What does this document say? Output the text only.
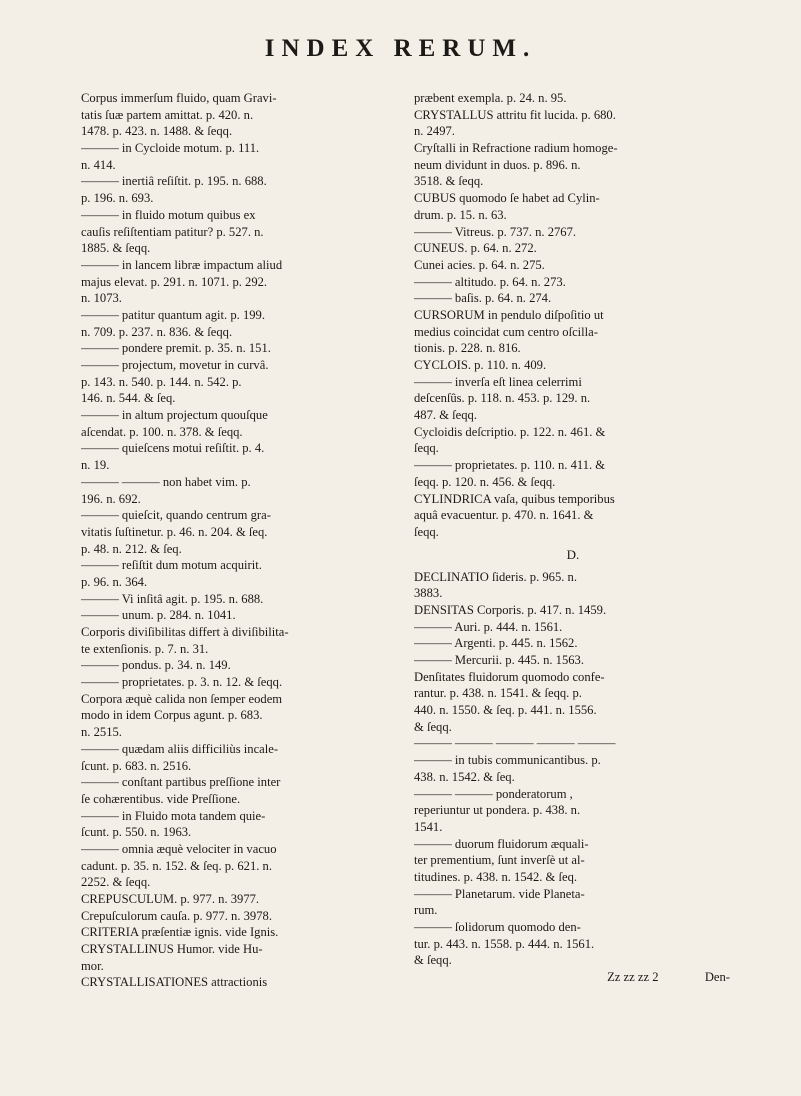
INDEX RERUM.
Corpus immerſum fluido, quam Gravi-
tatis ſuæ partem amittat. p. 420. n.
1478. p. 423. n. 1488. & ſeqq.
——— in Cycloide motum. p. 111.
n. 414.
——— inertiâ reſiſtit. p. 195. n. 688.
p. 196. n. 693.
——— in fluido motum quibus ex
cauſis reſiſtentiam patitur? p. 527. n.
1885. & ſeqq.
——— in lancem libræ impactum aliud
majus elevat. p. 291. n. 1071. p. 292.
n. 1073.
——— patitur quantum agit. p. 199.
n. 709. p. 237. n. 836. & ſeqq.
——— pondere premit. p. 35. n. 151.
——— projectum, movetur in curvâ.
p. 143. n. 540. p. 144. n. 542. p.
146. n. 544. & ſeq.
——— in altum projectum quouſque
aſcendat. p. 100. n. 378. & ſeqq.
——— quieſcens motui reſiſtit. p. 4.
n. 19.
——— ——— non habet vim. p.
196. n. 692.
——— quieſcit, quando centrum gra-
vitatis ſuſtinetur. p. 46. n. 204. & ſeq.
p. 48. n. 212. & ſeq.
——— reſiſtit dum motum acquirit.
p. 96. n. 364.
——— Vi inſitâ agit. p. 195. n. 688.
——— unum. p. 284. n. 1041.
Corporis diviſibilitas differt à diviſibilita-
te extenſionis. p. 7. n. 31.
——— pondus. p. 34. n. 149.
——— proprietates. p. 3. n. 12. & ſeqq.
Corpora æquè calida non ſemper eodem
modo in idem Corpus agunt. p. 683.
n. 2515.
——— quædam aliis difficiliùs incale-
ſcunt. p. 683. n. 2516.
——— conſtant partibus preſſione inter
ſe cohærentibus. vide Preſſione.
——— in Fluido mota tandem quie-
ſcunt. p. 550. n. 1963.
——— omnia æquè velociter in vacuo
cadunt. p. 35. n. 152. & ſeq. p. 621. n.
2252. & ſeqq.
CREPUSCULUM. p. 977. n. 3977.
Crepuſculorum cauſa. p. 977. n. 3978.
CRITERIA præſentiæ ignis. vide Ignis.
CRYSTALLINUS Humor. vide Hu-
mor.
CRYSTALLISATIONES attractionis
præbent exempla. p. 24. n. 95.
CRYSTALLUS attritu fit lucida. p. 680.
n. 2497.
Cryſtalli in Refractione radium homoge-
neum dividunt in duos. p. 896. n.
3518. & ſeqq.
CUBUS quomodo ſe habet ad Cylin-
drum. p. 15. n. 63.
——— Vitreus. p. 737. n. 2767.
CUNEUS. p. 64. n. 272.
Cunei acies. p. 64. n. 275.
——— altitudo. p. 64. n. 273.
——— baſis. p. 64. n. 274.
CURSORUM in pendulo diſpoſitio ut
medius coincidat cum centro oſcilla-
tionis. p. 228. n. 816.
CYCLOIS. p. 110. n. 409.
——— inverſa eſt linea celerrimi
deſcenſûs. p. 118. n. 453. p. 129. n.
487. & ſeqq.
Cycloidis deſcriptio. p. 122. n. 461. &
ſeqq.
——— proprietates. p. 110. n. 411. &
ſeqq. p. 120. n. 456. & ſeqq.
CYLINDRICA vaſa, quibus temporibus
aquâ evacuentur. p. 470. n. 1641. &
ſeqq.
D.
DECLINATIO ſideris. p. 965. n.
3883.
DENSITAS Corporis. p. 417. n. 1459.
——— Auri. p. 444. n. 1561.
——— Argenti. p. 445. n. 1562.
——— Mercurii. p. 445. n. 1563.
Denſitates fluidorum quomodo confe-
rantur. p. 438. n. 1541. & ſeqq. p.
440. n. 1550. & ſeq. p. 441. n. 1556.
& ſeqq.
——— ——— ——— ——— ———
——— in tubis communicantibus. p.
438. n. 1542. & ſeq.
——— ——— ponderatorum ,
reperiuntur ut pondera. p. 438. n.
1541.
——— duorum fluidorum æquali-
ter prementium, ſunt inverſè ut al-
titudines. p. 438. n. 1542. & ſeq.
——— Planetarum. vide Planeta-
rum.
——— ſolidorum quomodo den-
tur. p. 443. n. 1558. p. 444. n. 1561.
& ſeqq.
Zz zz zz 2	Den-
